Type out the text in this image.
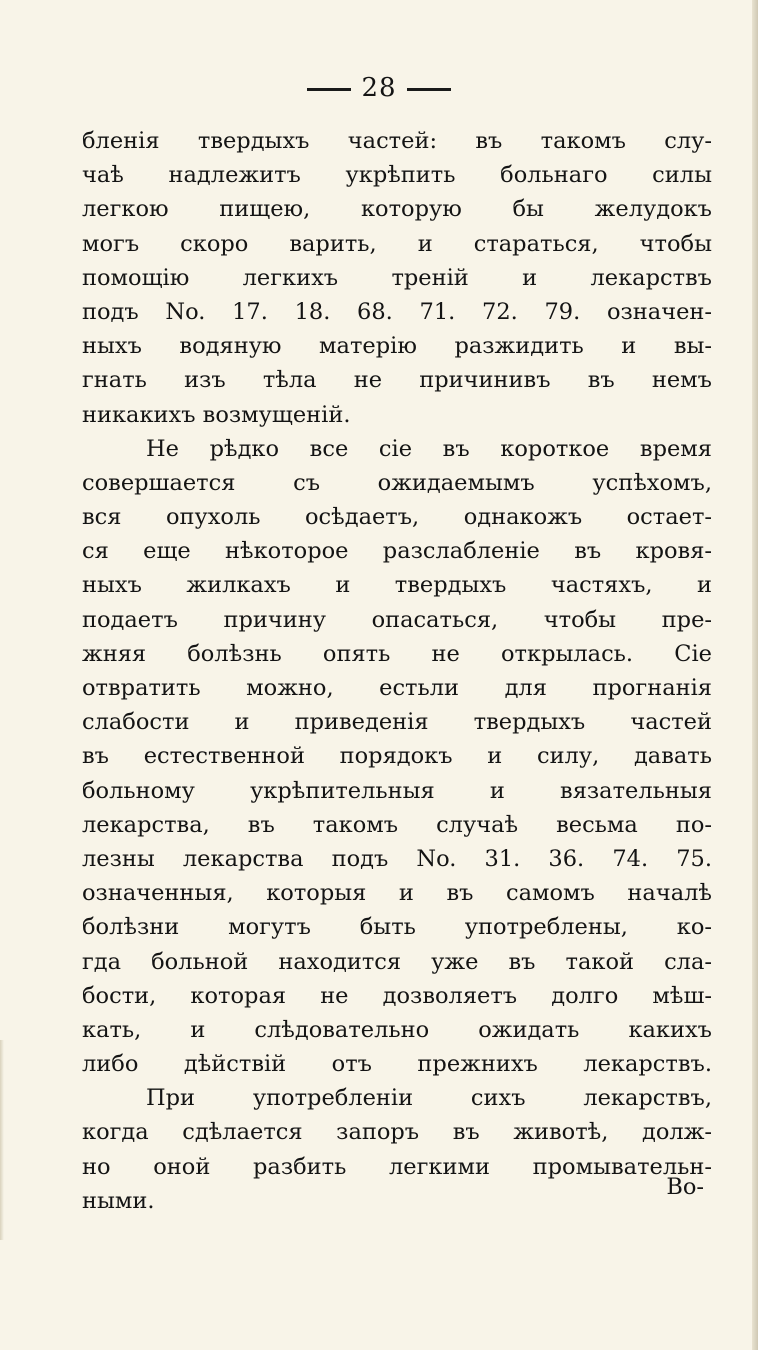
28
бленія твердыхъ частей: въ такомъ слу-
чаѣ надлежитъ укрѣпить больнаго силы
легкою пищею, которую бы желудокъ
могъ скоро варить, и стараться, чтобы
помощію легкихъ треній и лекарствъ
подъ No. 17. 18. 68. 71. 72. 79. означен-
ныхъ водяную матерію разжидить и вы-
гнать изъ тѣла не причинивъ въ немъ
никакихъ возмущеній.
Не рѣдко все сіе въ короткое время
совершается съ ожидаемымъ успѣхомъ,
вся опухоль осѣдаетъ, однакожъ остает-
ся еще нѣкоторое разслабленіе въ кровя-
ныхъ жилкахъ и твердыхъ частяхъ, и
подаетъ причину опасаться, чтобы пре-
жняя болѣзнь опять не открылась. Сіе
отвратить можно, естьли для прогнанія
слабости и приведенія твердыхъ частей
въ естественной порядокъ и силу, давать
больному укрѣпительныя и вязательныя
лекарства, въ такомъ случаѣ весьма по-
лезны лекарства подъ No. 31. 36. 74. 75.
означенныя, которыя и въ самомъ началѣ
болѣзни могутъ быть употреблены, ко-
гда больной находится уже въ такой сла-
бости, которая не дозволяетъ долго мѣш-
кать, и слѣдовательно ожидать какихъ
либо дѣйствій отъ прежнихъ лекарствъ.
При употребленіи сихъ лекарствъ,
когда сдѣлается запоръ въ животѣ, долж-
но оной разбить легкими промывательн-
ными.
Во-
